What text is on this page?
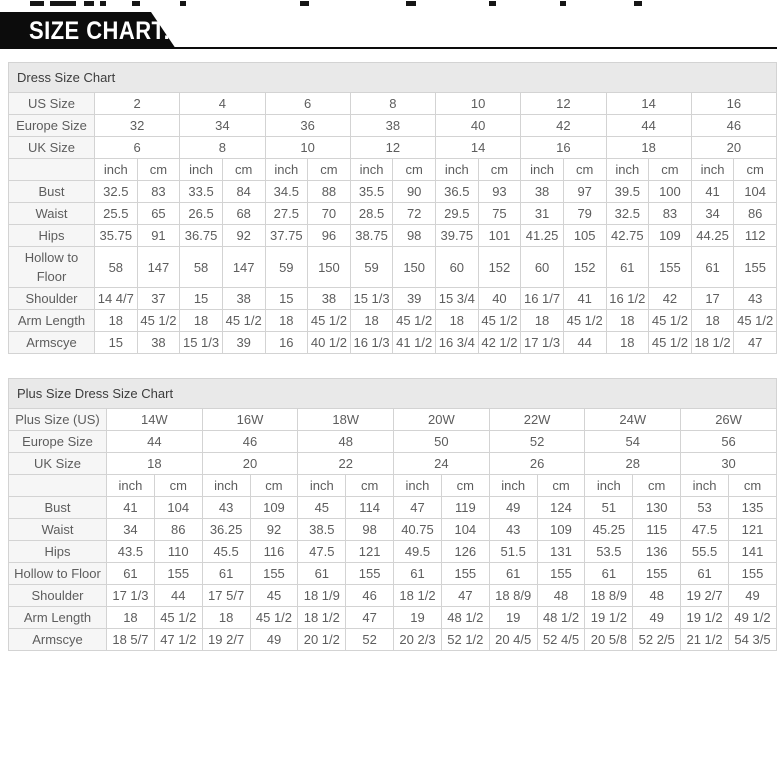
SIZE CHART:
Dress Size Chart																
US Size	2		4		6		8		10		12		14		16	
Europe Size	32		34		36		38		40		42		44		46	
UK Size	6		8		10		12		14		16		18		20	
	inch	cm	inch	cm	inch	cm	inch	cm	inch	cm	inch	cm	inch	cm	inch	cm
Bust	32.5	83	33.5	84	34.5	88	35.5	90	36.5	93	38	97	39.5	100	41	104
Waist	25.5	65	26.5	68	27.5	70	28.5	72	29.5	75	31	79	32.5	83	34	86
Hips	35.75	91	36.75	92	37.75	96	38.75	98	39.75	101	41.25	105	42.75	109	44.25	112
Hollow to Floor	58	147	58	147	59	150	59	150	60	152	60	152	61	155	61	155
Shoulder	14 4/7	37	15	38	15	38	15 1/3	39	15 3/4	40	16 1/7	41	16 1/2	42	17	43
Arm Length	18	45 1/2	18	45 1/2	18	45 1/2	18	45 1/2	18	45 1/2	18	45 1/2	18	45 1/2	18	45 1/2
Armscye	15	38	15 1/3	39	16	40 1/2	16 1/3	41 1/2	16 3/4	42 1/2	17 1/3	44	18	45 1/2	18 1/2	47
Plus Size Dress Size Chart														
Plus Size (US)	14W		16W		18W		20W		22W		24W		26W	
Europe Size	44		46		48		50		52		54		56	
UK Size	18		20		22		24		26		28		30	
	inch	cm	inch	cm	inch	cm	inch	cm	inch	cm	inch	cm	inch	cm
Bust	41	104	43	109	45	114	47	119	49	124	51	130	53	135
Waist	34	86	36.25	92	38.5	98	40.75	104	43	109	45.25	115	47.5	121
Hips	43.5	110	45.5	116	47.5	121	49.5	126	51.5	131	53.5	136	55.5	141
Hollow to Floor	61	155	61	155	61	155	61	155	61	155	61	155	61	155
Shoulder	17 1/3	44	17 5/7	45	18 1/9	46	18 1/2	47	18 8/9	48	18 8/9	48	19 2/7	49
Arm Length	18	45 1/2	18	45 1/2	18 1/2	47	19	48 1/2	19	48 1/2	19 1/2	49	19 1/2	49 1/2
Armscye	18 5/7	47 1/2	19 2/7	49	20 1/2	52	20 2/3	52 1/2	20 4/5	52 4/5	20 5/8	52 2/5	21 1/2	54 3/5
